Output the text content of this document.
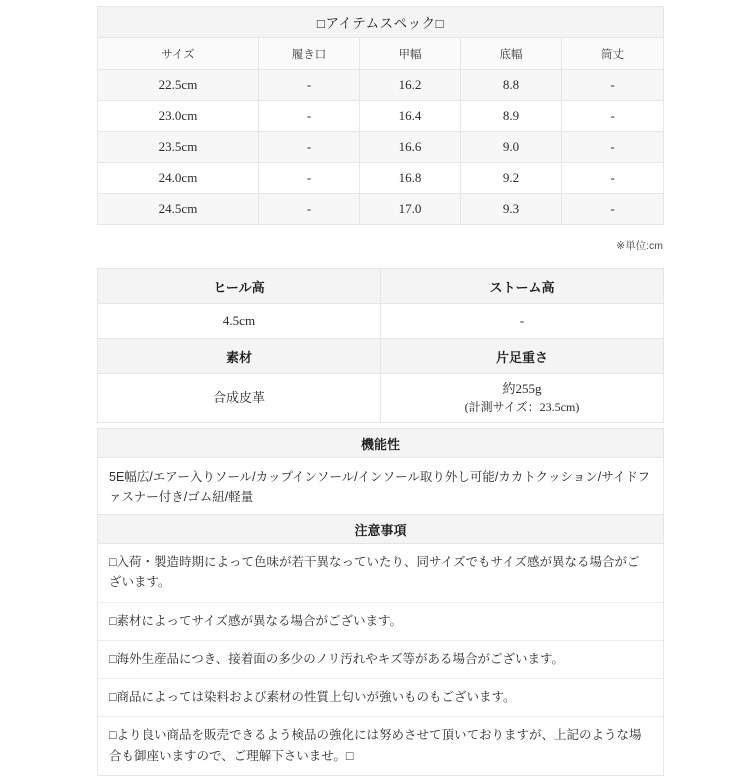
□アイテムスペック□				
サイズ	履き口	甲幅	底幅	筒丈
22.5cm	-	16.2	8.8	-
23.0cm	-	16.4	8.9	-
23.5cm	-	16.6	9.0	-
24.0cm	-	16.8	9.2	-
24.5cm	-	17.0	9.3	-
※単位:cm
ヒール高	ストーム高
4.5cm	-
素材	片足重さ
合成皮革	約255g
(計測サイズ：23.5cm)
機能性
5E幅広/エアー入りソール/カップインソール/インソール取り外し可能/カカトクッション/サイドファスナー付き/ゴム紐/軽量
注意事項
□入荷・製造時期によって色味が若干異なっていたり、同サイズでもサイズ感が異なる場合がございます。
□素材によってサイズ感が異なる場合がございます。
□海外生産品につき、接着面の多少のノリ汚れやキズ等がある場合がございます。
□商品によっては染料および素材の性質上匂いが強いものもございます。
□より良い商品を販売できるよう検品の強化には努めさせて頂いておりますが、上記のような場合も御座いますので、ご理解下さいませ。□
